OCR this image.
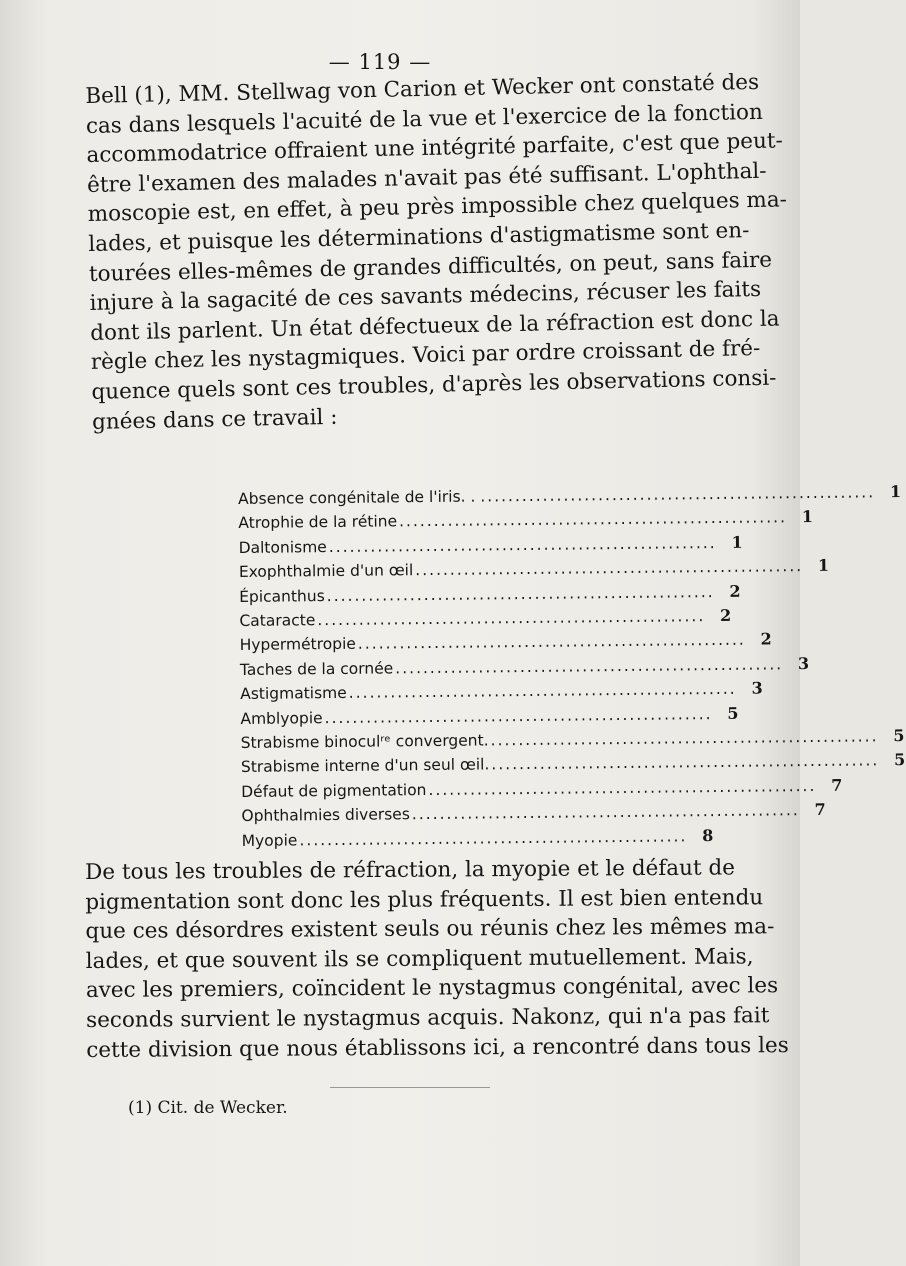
— 119 —
Bell (1), MM. Stellwag von Carion et Wecker ont constaté des
cas dans lesquels l'acuité de la vue et l'exercice de la fonction
accommodatrice offraient une intégrité parfaite, c'est que peut-
être l'examen des malades n'avait pas été suffisant. L'ophthal-
moscopie est, en effet, à peu près impossible chez quelques ma-
lades, et puisque les déterminations d'astigmatisme sont en-
tourées elles-mêmes de grandes difficultés, on peut, sans faire
injure à la sagacité de ces savants médecins, récuser les faits
dont ils parlent. Un état défectueux de la réfraction est donc la
règle chez les nystagmiques. Voici par ordre croissant de fré-
quence quels sont ces troubles, d'après les observations consi-
gnées dans ce travail :
Absence congénitale de l'iris. . . .....	1
Atrophie de la rétine .....	1
Daltonisme .....	1
Exophthalmie d'un œil .....	1
Épicanthus .....	2
Cataracte .....	2
Hypermétropie .....	2
Taches de la cornée .....	3
Astigmatisme .....	3
Amblyopie .....	5
Strabisme binoculʳᵉ convergent. .....	5
Strabisme interne d'un seul œil. .....	5
Défaut de pigmentation .....	7
Ophthalmies diverses .....	7
Myopie .....	8
De tous les troubles de réfraction, la myopie et le défaut de
pigmentation sont donc les plus fréquents. Il est bien entendu
que ces désordres existent seuls ou réunis chez les mêmes ma-
lades, et que souvent ils se compliquent mutuellement. Mais,
avec les premiers, coïncident le nystagmus congénital, avec les
seconds survient le nystagmus acquis. Nakonz, qui n'a pas fait
cette division que nous établissons ici, a rencontré dans tous les
(1) Cit. de Wecker.
